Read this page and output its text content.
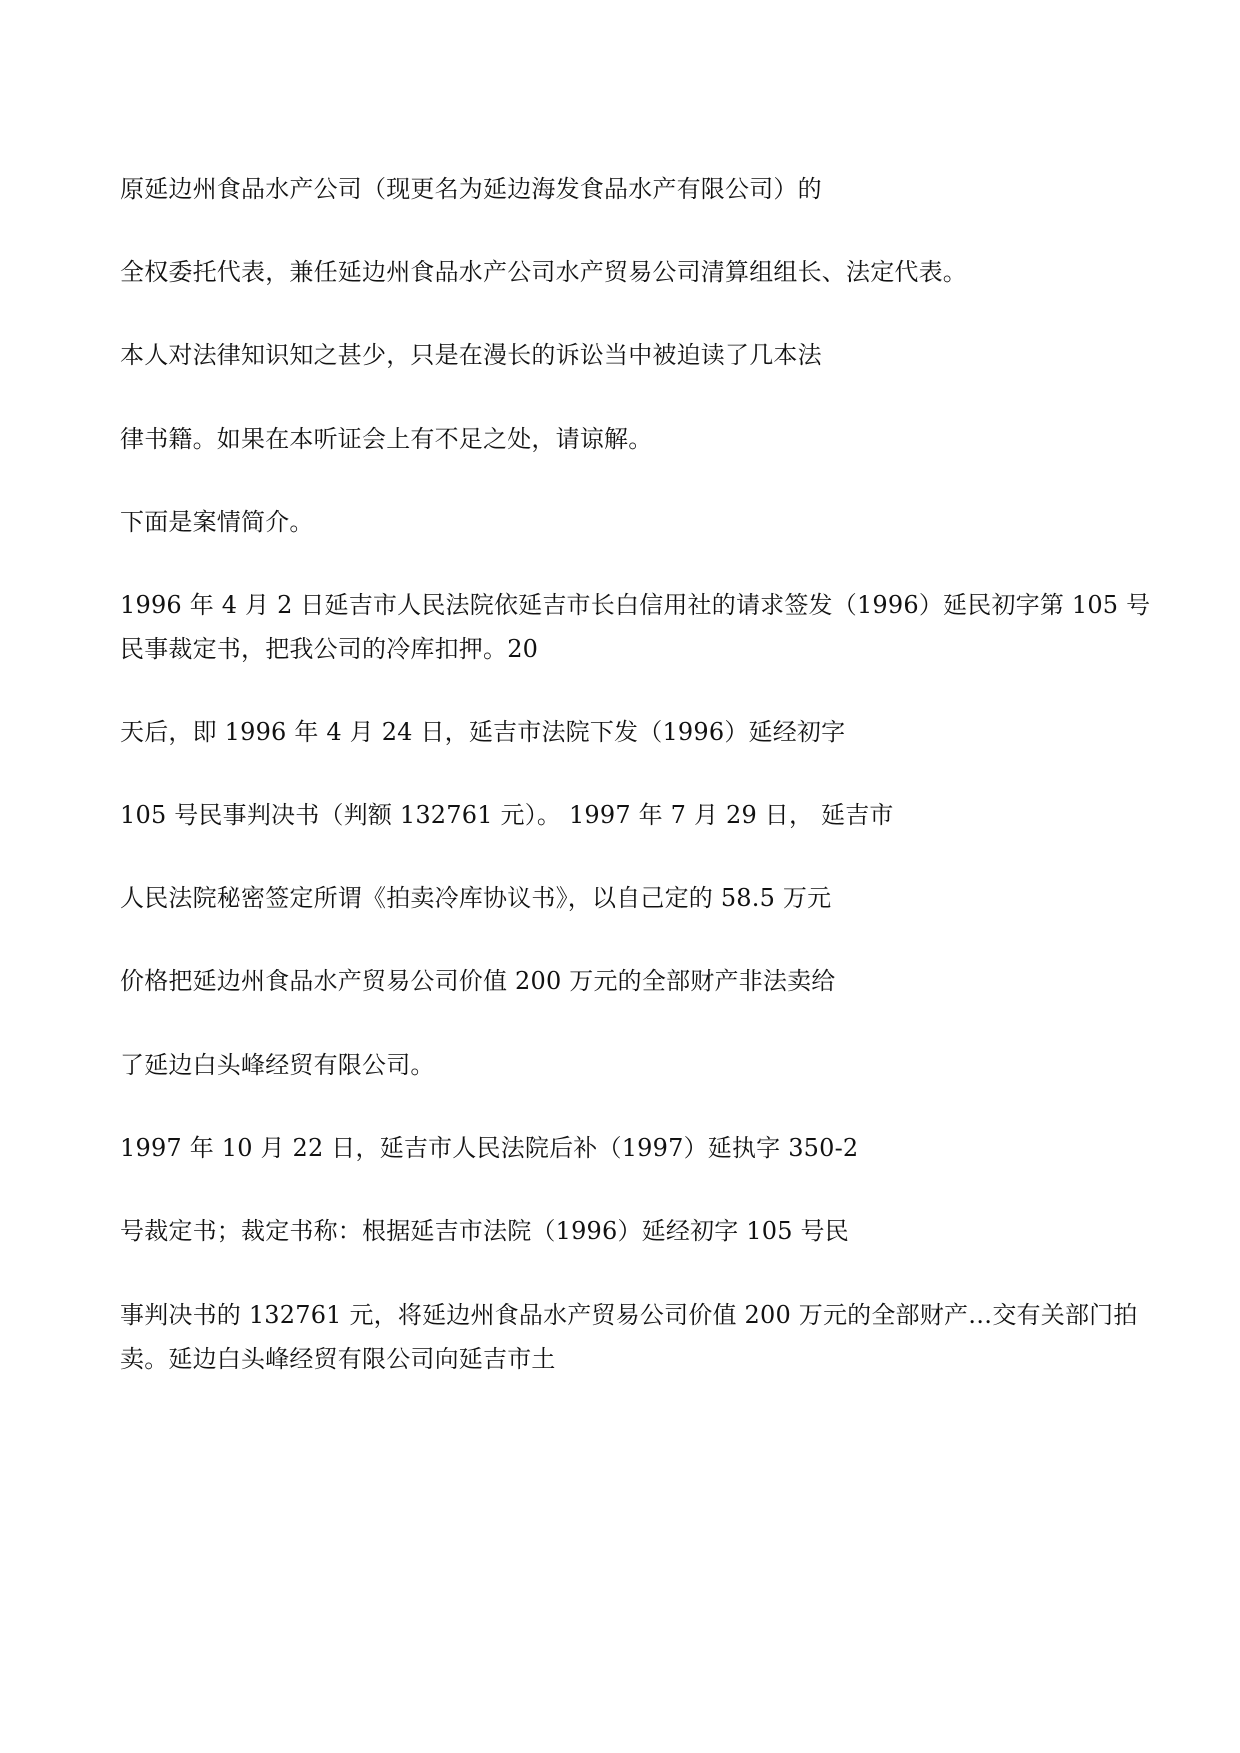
原延边州食品水产公司（现更名为延边海发食品水产有限公司）的

全权委托代表，兼任延边州食品水产公司水产贸易公司清算组组长、法定代表。

本人对法律知识知之甚少，只是在漫长的诉讼当中被迫读了几本法

律书籍。如果在本听证会上有不足之处，请谅解。

下面是案情简介。

1996 年 4 月 2 日延吉市人民法院依延吉市长白信用社的请求签发（1996）延民初字第 105 号
民事裁定书，把我公司的冷库扣押。20

天后，即 1996 年 4 月 24 日，延吉市法院下发（1996）延经初字

105 号民事判决书（判额 132761 元）。 1997 年 7 月 29 日， 延吉市

人民法院秘密签定所谓《拍卖冷库协议书》，以自己定的 58.5 万元

价格把延边州食品水产贸易公司价值 200 万元的全部财产非法卖给

了延边白头峰经贸有限公司。

1997 年 10 月 22 日，延吉市人民法院后补（1997）延执字 350-2

号裁定书；裁定书称：根据延吉市法院（1996）延经初字 105 号民

事判决书的 132761 元，将延边州食品水产贸易公司价值 200 万元的全部财产…交有关部门拍
卖。延边白头峰经贸有限公司向延吉市土
